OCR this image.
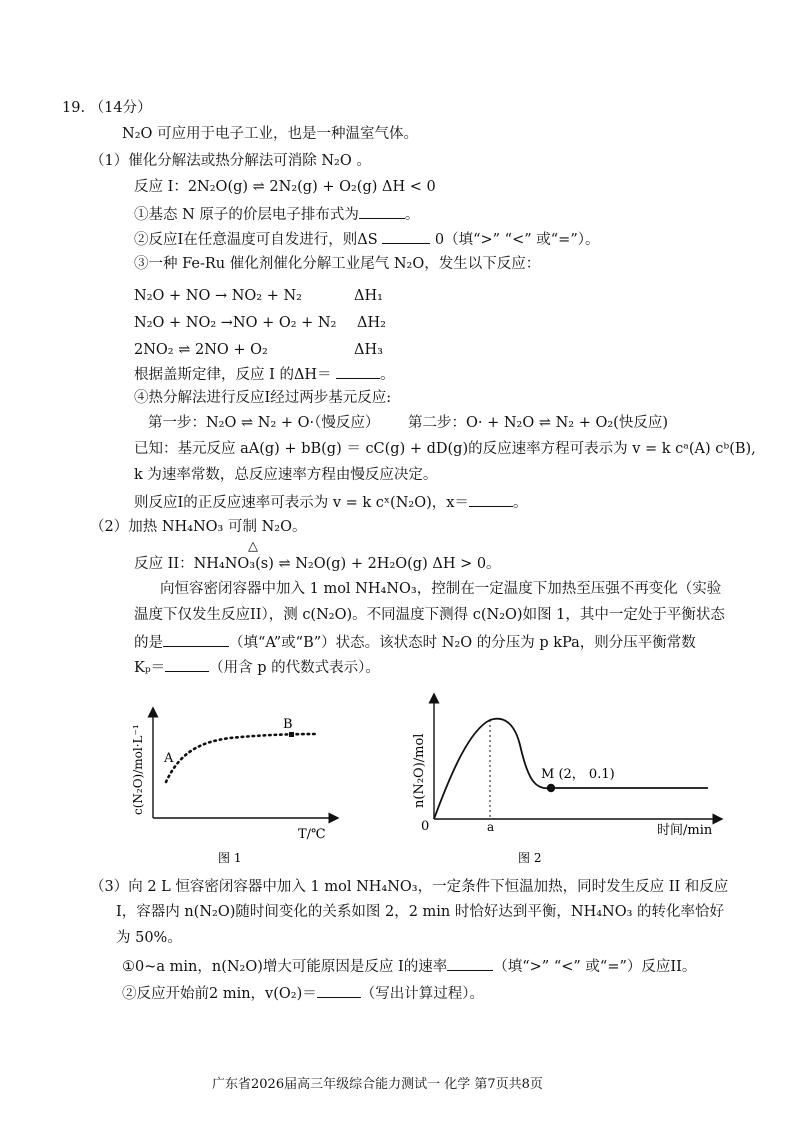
19. （14分）
N₂O 可应用于电子工业，也是一种温室气体。
（1）催化分解法或热分解法可消除 N₂O 。
反应 I：2N₂O(g) ⇌ 2N₂(g) + O₂(g) ΔH < 0
①基态 N 原子的价层电子排布式为	。
②反应I在任意温度可自发进行，则ΔS	0（填“>” “<” 或“=”）。
③一种 Fe-Ru 催化剂催化分解工业尾气 N₂O，发生以下反应：
N₂O + NO → NO₂ + N₂	ΔH₁
N₂O + NO₂ →NO + O₂ + N₂ ΔH₂
2NO₂ ⇌ 2NO + O₂	ΔH₃
根据盖斯定律，反应 I 的ΔH＝	。
④热分解法进行反应I经过两步基元反应:
第一步：N₂O ⇌ N₂ + O·（慢反应） 第二步：O· + N₂O ⇌ N₂ + O₂(快反应)
已知：基元反应 aA(g) + bB(g) ＝ cC(g) + dD(g)的反应速率方程可表示为 v = k cᵃ(A) cᵇ(B),
k 为速率常数，总反应速率方程由慢反应决定。
则反应I的正反应速率可表示为 v = k cˣ(N₂O)，x＝	。
（2）加热 NH₄NO₃ 可制 N₂O。
△
反应 II：NH₄NO₃(s) ⇌ N₂O(g) + 2H₂O(g) ΔH > 0。
向恒容密闭容器中加入 1 mol NH₄NO₃，控制在一定温度下加热至压强不再变化（实验
温度下仅发生反应II），测 c(N₂O)。不同温度下测得 c(N₂O)如图 1，其中一定处于平衡状态
的是	（填“A”或“B”）状态。该状态时 N₂O 的分压为 p kPa，则分压平衡常数
Kₚ＝	（用含 p 的代数式表示）。
B
A
c(N₂O)/mol·L⁻¹
T/℃
图 1
M (2， 0.1)
n(N₂O)/mol
0	a	时间/min
图 2
（3）向 2 L 恒容密闭容器中加入 1 mol NH₄NO₃，一定条件下恒温加热，同时发生反应 II 和反应
I，容器内 n(N₂O)随时间变化的关系如图 2，2 min 时恰好达到平衡，NH₄NO₃ 的转化率恰好
为 50%。
①0~a min，n(N₂O)增大可能原因是反应 I的速率	（填“>” “<” 或“=”）反应II。
②反应开始前2 min，v(O₂)＝	（写出计算过程）。
广东省2026届高三年级综合能力测试一 化学 第7页共8页
